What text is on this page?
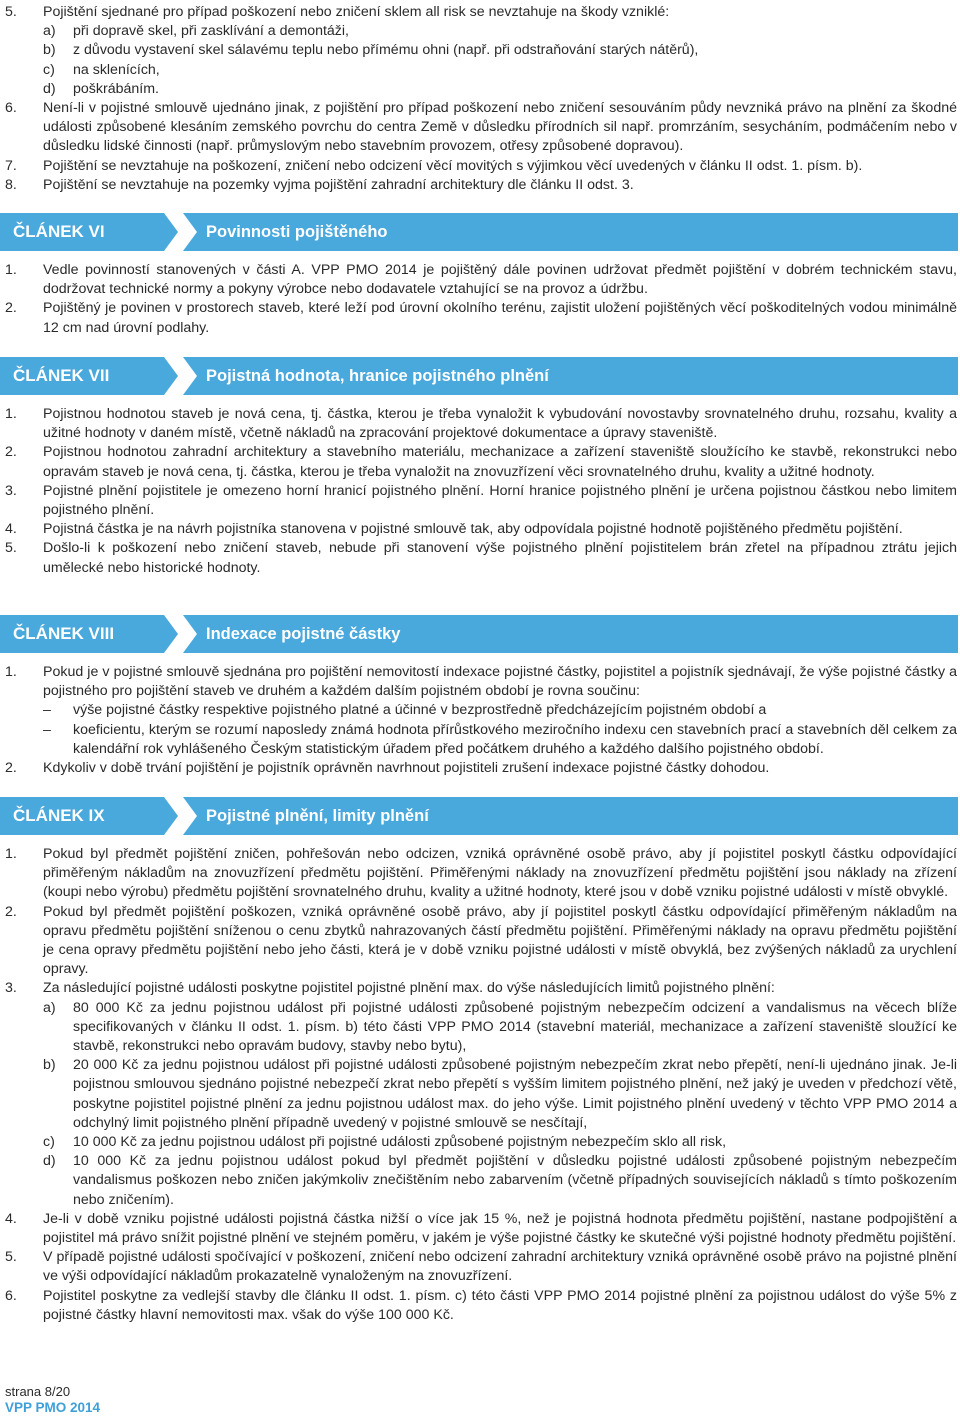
5.	Pojištění sjednané pro případ poškození nebo zničení sklem all risk se nevztahuje na škody vzniklé:
a)	při dopravě skel, při zasklívání a demontáži,
b)	z důvodu vystavení skel sálavému teplu nebo přímému ohni (např. při odstraňování starých nátěrů),
c)	na sklenících,
d)	poškrábáním.
6.	Není-li v pojistné smlouvě ujednáno jinak, z pojištění pro případ poškození nebo zničení sesouváním půdy nevzniká právo na plnění za škodné události způsobené klesáním zemského povrchu do centra Země v důsledku přírodních sil např. promrzáním, sesycháním, podmáčením nebo v důsledku lidské činnosti (např. průmyslovým nebo stavebním provozem, otřesy způsobené dopravou).
7.	Pojištění se nevztahuje na poškození, zničení nebo odcizení věcí movitých s výjimkou věcí uvedených v článku II odst. 1. písm. b).
8.	Pojištění se nevztahuje na pozemky vyjma pojištění zahradní architektury dle článku II odst. 3.
ČLÁNEK VI	Povinnosti pojištěného
1.	Vedle povinností stanovených v části A. VPP PMO 2014 je pojištěný dále povinen udržovat předmět pojištění v dobrém technickém stavu, dodržovat technické normy a pokyny výrobce nebo dodavatele vztahující se na provoz a údržbu.
2.	Pojištěný je povinen v prostorech staveb, které leží pod úrovní okolního terénu, zajistit uložení pojištěných věcí poškoditelných vodou minimálně 12 cm nad úrovní podlahy.
ČLÁNEK VII	Pojistná hodnota, hranice pojistného plnění
1.	Pojistnou hodnotou staveb je nová cena, tj. částka, kterou je třeba vynaložit k vybudování novostavby srovnatelného druhu, rozsahu, kvality a užitné hodnoty v daném místě, včetně nákladů na zpracování projektové dokumentace a úpravy staveniště.
2.	Pojistnou hodnotou zahradní architektury a stavebního materiálu, mechanizace a zařízení staveniště sloužícího ke stavbě, rekonstrukci nebo opravám staveb je nová cena, tj. částka, kterou je třeba vynaložit na znovuzřízení věci srovnatelného druhu, kvality a užitné hodnoty.
3.	Pojistné plnění pojistitele je omezeno horní hranicí pojistného plnění. Horní hranice pojistného plnění je určena pojistnou částkou nebo limitem pojistného plnění.
4.	Pojistná částka je na návrh pojistníka stanovena v pojistné smlouvě tak, aby odpovídala pojistné hodnotě pojištěného předmětu pojištění.
5.	Došlo-li k poškození nebo zničení staveb, nebude při stanovení výše pojistného plnění pojistitelem brán zřetel na případnou ztrátu jejich umělecké nebo historické hodnoty.
ČLÁNEK VIII	Indexace pojistné částky
1.	Pokud je v pojistné smlouvě sjednána pro pojištění nemovitostí indexace pojistné částky, pojistitel a pojistník sjednávají, že výše pojistné částky a pojistného pro pojištění staveb ve druhém a každém dalším pojistném období je rovna součinu:
–	výše pojistné částky respektive pojistného platné a účinné v bezprostředně předcházejícím pojistném období a
–	koeficientu, kterým se rozumí naposledy známá hodnota přírůstkového meziročního indexu cen stavebních prací a stavebních děl celkem za kalendářní rok vyhlášeného Českým statistickým úřadem před počátkem druhého a každého dalšího pojistného období.
2.	Kdykoliv v době trvání pojištění je pojistník oprávněn navrhnout pojistiteli zrušení indexace pojistné částky dohodou.
ČLÁNEK IX	Pojistné plnění, limity plnění
1.	Pokud byl předmět pojištění zničen, pohřešován nebo odcizen, vzniká oprávněné osobě právo, aby jí pojistitel poskytl částku odpovídající přiměřeným nákladům na znovuzřízení předmětu pojištění. Přiměřenými náklady na znovuzřízení předmětu pojištění jsou náklady na zřízení (koupi nebo výrobu) předmětu pojištění srovnatelného druhu, kvality a užitné hodnoty, které jsou v době vzniku pojistné události v místě obvyklé.
2.	Pokud byl předmět pojištění poškozen, vzniká oprávněné osobě právo, aby jí pojistitel poskytl částku odpovídající přiměřeným nákladům na opravu předmětu pojištění sníženou o cenu zbytků nahrazovaných částí předmětu pojištění. Přiměřenými náklady na opravu předmětu pojištění je cena opravy předmětu pojištění nebo jeho části, která je v době vzniku pojistné události v místě obvyklá, bez zvýšených nákladů za urychlení opravy.
3.	Za následující pojistné události poskytne pojistitel pojistné plnění max. do výše následujících limitů pojistného plnění:
a)	80 000 Kč za jednu pojistnou událost při pojistné události způsobené pojistným nebezpečím odcizení a vandalismus na věcech blíže specifikovaných v článku II odst. 1. písm. b) této části VPP PMO 2014 (stavební materiál, mechanizace a zařízení staveniště sloužící ke stavbě, rekonstrukci nebo opravám budovy, stavby nebo bytu),
b)	20 000 Kč za jednu pojistnou událost při pojistné události způsobené pojistným nebezpečím zkrat nebo přepětí, není-li ujednáno jinak. Je-li pojistnou smlouvou sjednáno pojistné nebezpečí zkrat nebo přepětí s vyšším limitem pojistného plnění, než jaký je uveden v předchozí větě, poskytne pojistitel pojistné plnění za jednu pojistnou událost max. do jeho výše. Limit pojistného plnění uvedený v těchto VPP PMO 2014 a odchylný limit pojistného plnění případně uvedený v pojistné smlouvě se nesčítají,
c)	10 000 Kč za jednu pojistnou událost při pojistné události způsobené pojistným nebezpečím sklo all risk,
d)	10 000 Kč za jednu pojistnou událost pokud byl předmět pojištění v důsledku pojistné události způsobené pojistným nebezpečím vandalismus poškozen nebo zničen jakýmkoliv znečištěním nebo zabarvením (včetně případných souvisejících nákladů s tímto poškozením nebo zničením).
4.	Je-li v době vzniku pojistné události pojistná částka nižší o více jak 15 %, než je pojistná hodnota předmětu pojištění, nastane podpojištění a pojistitel má právo snížit pojistné plnění ve stejném poměru, v jakém je výše pojistné částky ke skutečné výši pojistné hodnoty předmětu pojištění.
5.	V případě pojistné události spočívající v poškození, zničení nebo odcizení zahradní architektury vzniká oprávněné osobě právo na pojistné plnění ve výši odpovídající nákladům prokazatelně vynaloženým na znovuzřízení.
6.	Pojistitel poskytne za vedlejší stavby dle článku II odst. 1. písm. c) této části VPP PMO 2014 pojistné plnění za pojistnou událost do výše 5% z pojistné částky hlavní nemovitosti max. však do výše 100 000 Kč.
strana 8/20
VPP PMO 2014
